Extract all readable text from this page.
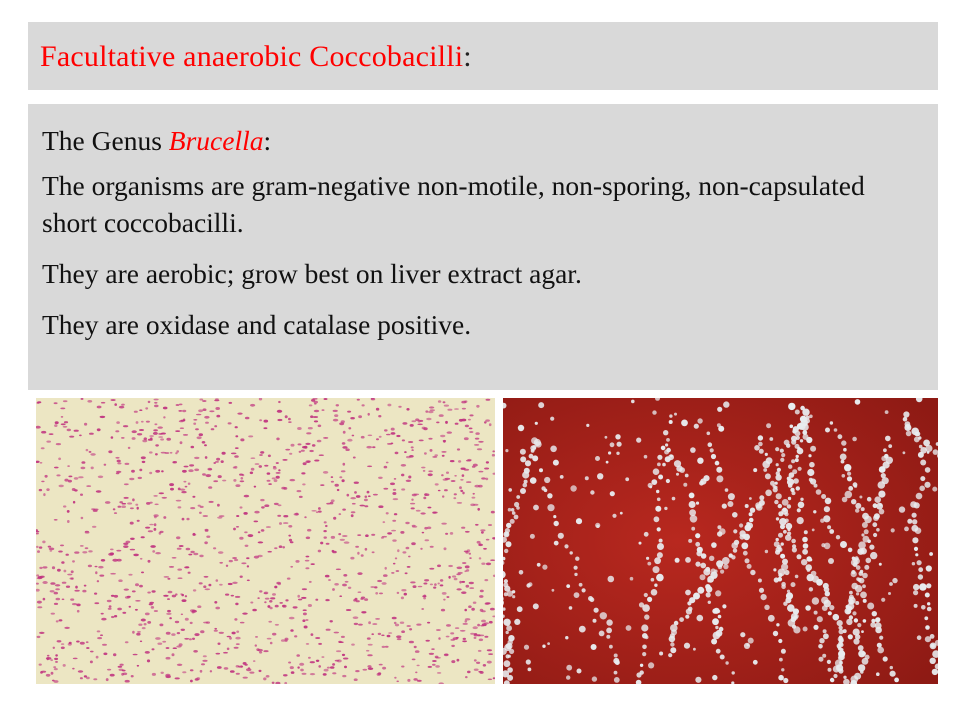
Facultative anaerobic Coccobacilli:
The Genus Brucella:
The organisms are gram-negative non-motile, non-sporing, non-capsulated short coccobacilli.
They are aerobic; grow best on liver extract agar.
They are oxidase and catalase positive.
